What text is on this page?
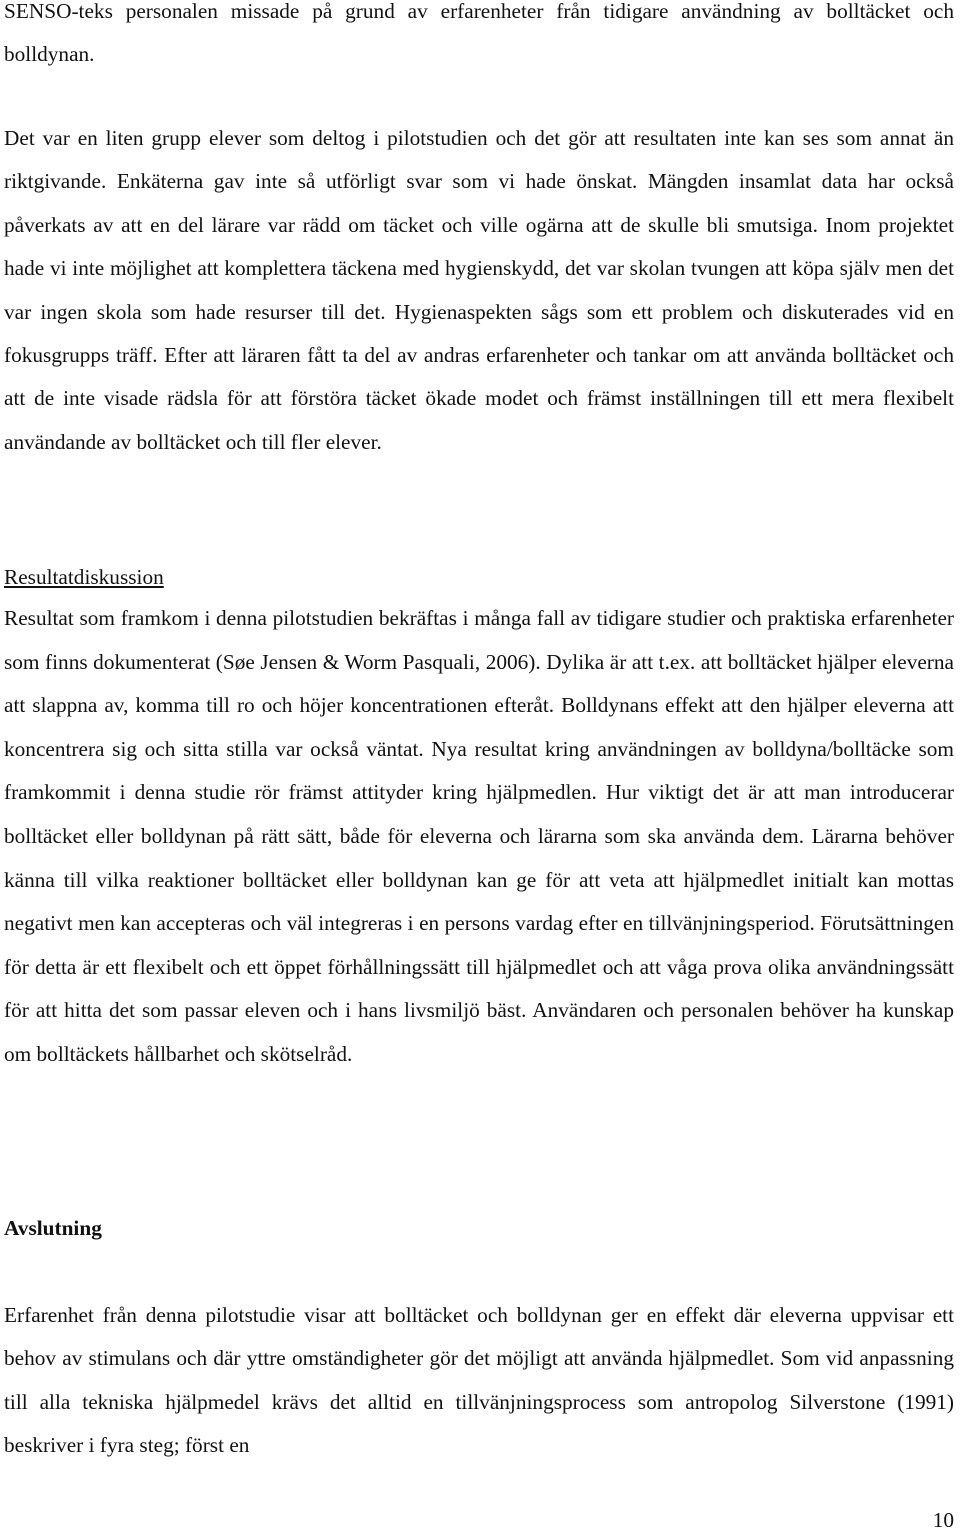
SENSO-teks personalen missade på grund av erfarenheter från tidigare användning av bolltäcket och bolldynan.

Det var en liten grupp elever som deltog i pilotstudien och det gör att resultaten inte kan ses som annat än riktgivande. Enkäterna gav inte så utförligt svar som vi hade önskat. Mängden insamlat data har också påverkats av att en del lärare var rädd om täcket och ville ogärna att de skulle bli smutsiga. Inom projektet hade vi inte möjlighet att komplettera täckena med hygienskydd, det var skolan tvungen att köpa själv men det var ingen skola som hade resurser till det. Hygienaspekten sågs som ett problem och diskuterades vid en fokusgrupps träff. Efter att läraren fått ta del av andras erfarenheter och tankar om att använda bolltäcket och att de inte visade rädsla för att förstöra täcket ökade modet och främst inställningen till ett mera flexibelt användande av bolltäcket och till fler elever.

Resultatdiskussion

Resultat som framkom i denna pilotstudien bekräftas i många fall av tidigare studier och praktiska erfarenheter som finns dokumenterat (Søe Jensen & Worm Pasquali, 2006). Dylika är att t.ex. att bolltäcket hjälper eleverna att slappna av, komma till ro och höjer koncentrationen efteråt. Bolldynans effekt att den hjälper eleverna att koncentrera sig och sitta stilla var också väntat. Nya resultat kring användningen av bolldyna/bolltäcke som framkommit i denna studie rör främst attityder kring hjälpmedlen. Hur viktigt det är att man introducerar bolltäcket eller bolldynan på rätt sätt, både för eleverna och lärarna som ska använda dem. Lärarna behöver känna till vilka reaktioner bolltäcket eller bolldynan kan ge för att veta att hjälpmedlet initialt kan mottas negativt men kan accepteras och väl integreras i en persons vardag efter en tillvänjningsperiod. Förutsättningen för detta är ett flexibelt och ett öppet förhållningssätt till hjälpmedlet och att våga prova olika användningssätt för att hitta det som passar eleven och i hans livsmiljö bäst. Användaren och personalen behöver ha kunskap om bolltäckets hållbarhet och skötselråd.

Avslutning

Erfarenhet från denna pilotstudie visar att bolltäcket och bolldynan ger en effekt där eleverna uppvisar ett behov av stimulans och där yttre omständigheter gör det möjligt att använda hjälpmedlet. Som vid anpassning till alla tekniska hjälpmedel krävs det alltid en tillvänjningsprocess som antropolog Silverstone (1991) beskriver i fyra steg; först en

10
